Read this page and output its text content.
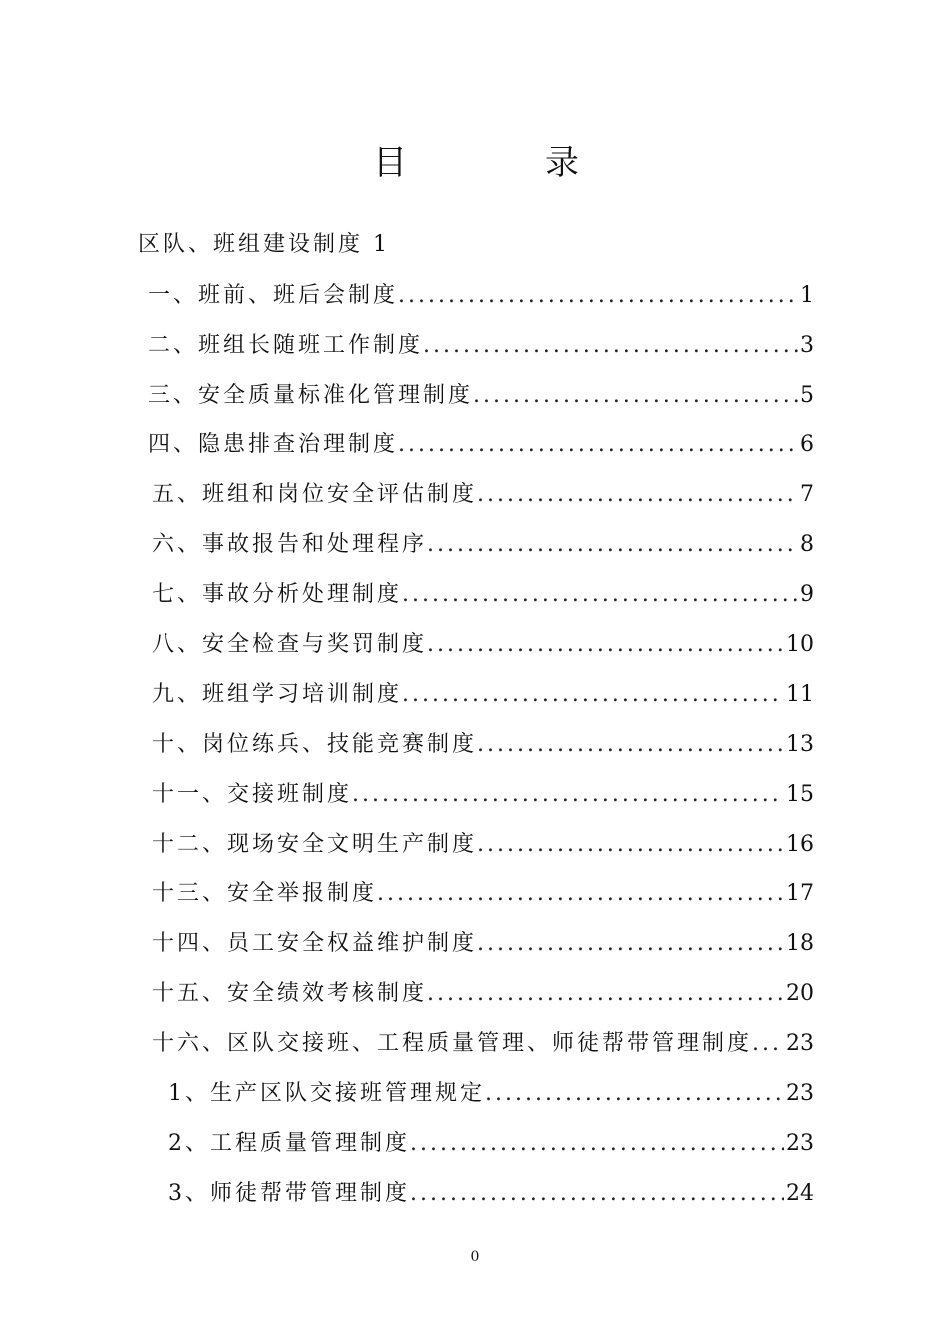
目	录
区队、班组建设制度 1
一、班前、班后会制度 .....	1
二、班组长随班工作制度 .....	3
三、安全质量标准化管理制度 .....	5
四、隐患排查治理制度 .....	6
五、班组和岗位安全评估制度 .....	7
六、事故报告和处理程序 .....	8
七、事故分析处理制度 .....	9
八、安全检查与奖罚制度 .....	10
九、班组学习培训制度 .....	11
十、岗位练兵、技能竞赛制度 .....	13
十一、交接班制度 .....	15
十二、现场安全文明生产制度 .....	16
十三、安全举报制度 .....	17
十四、员工安全权益维护制度 .....	18
十五、安全绩效考核制度 .....	20
十六、区队交接班、工程质量管理、师徒帮带管理制度 ..... 23
1、生产区队交接班管理规定 .....	23
2、工程质量管理制度 .....	23
3、师徒帮带管理制度 .....	24
0
